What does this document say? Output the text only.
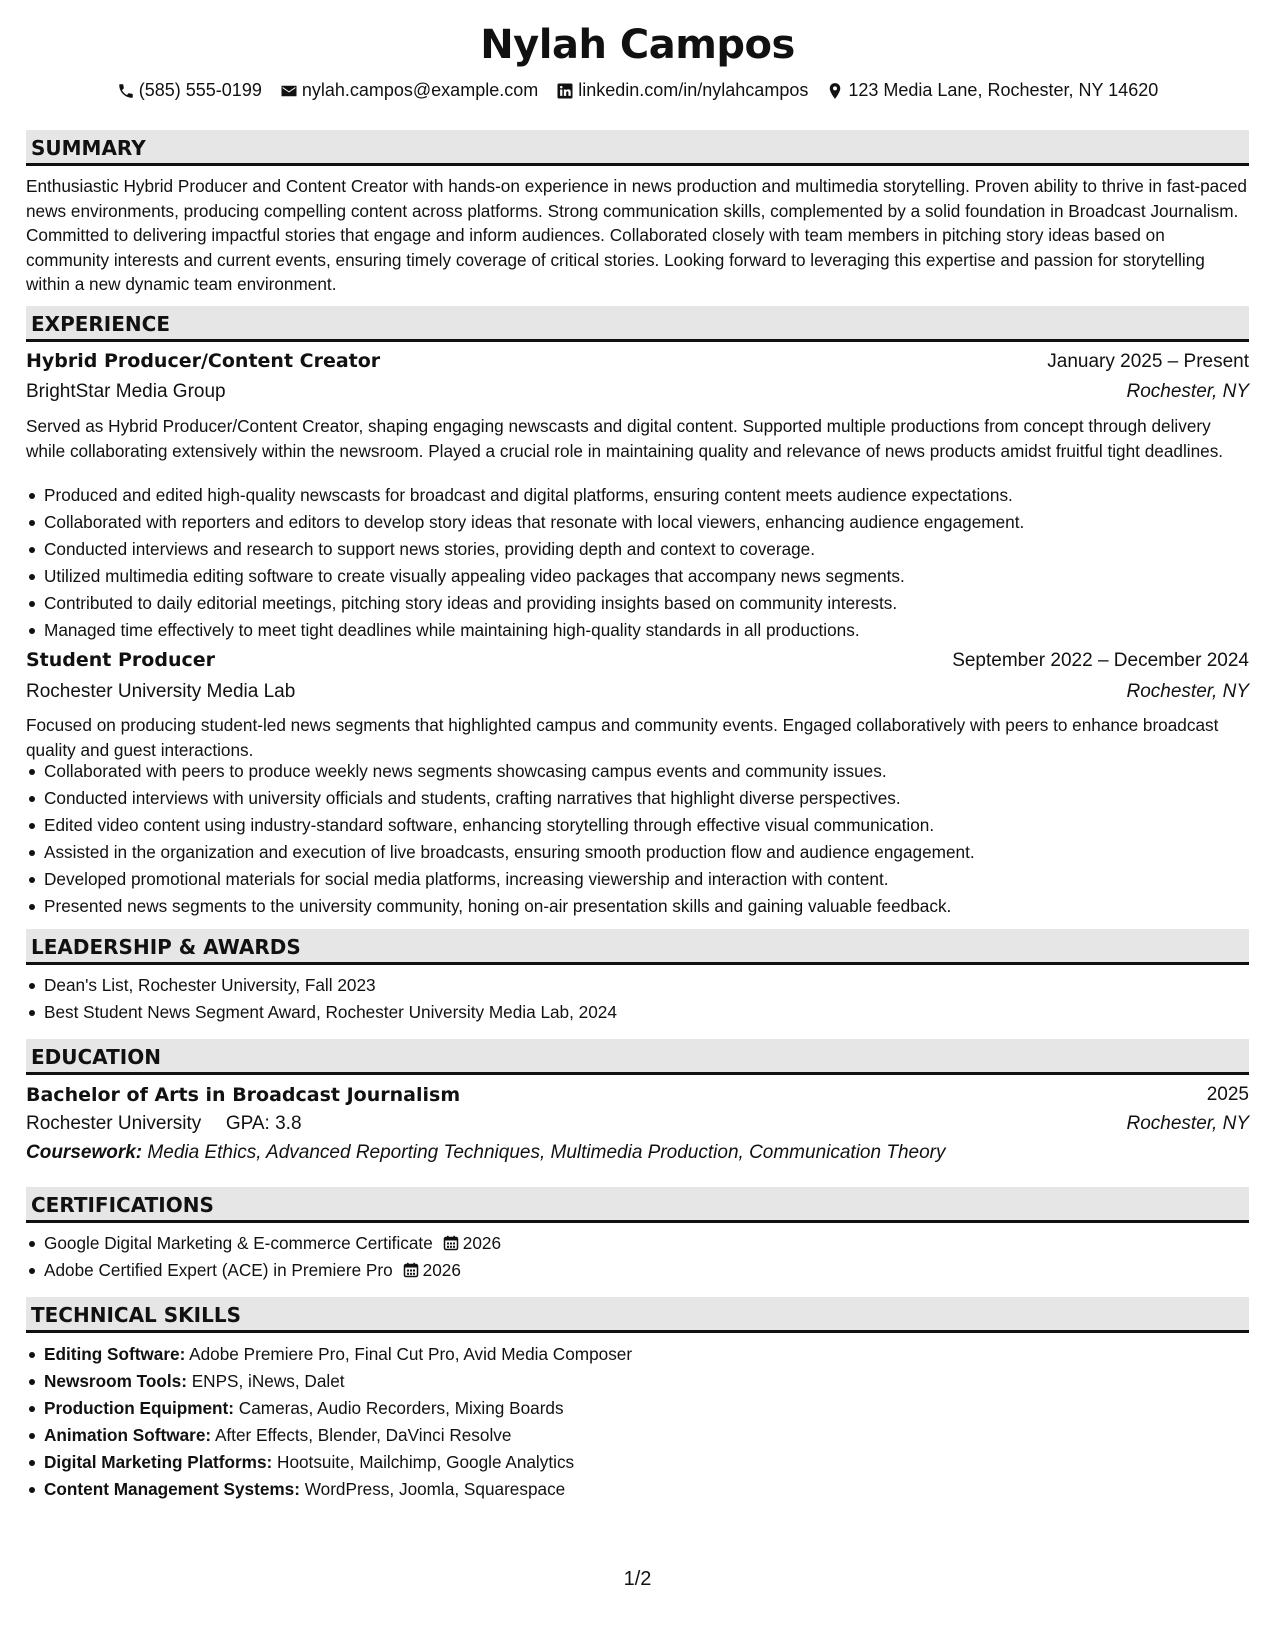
Nylah Campos
(585) 555-0199 nylah.campos@example.com linkedin.com/in/nylahcampos 123 Media Lane, Rochester, NY 14620
SUMMARY

Enthusiastic Hybrid Producer and Content Creator with hands-on experience in news production and multimedia storytelling. Proven ability to thrive in fast-paced news environments, producing compelling content across platforms. Strong communication skills, complemented by a solid foundation in Broadcast Journalism. Committed to delivering impactful stories that engage and inform audiences. Collaborated closely with team members in pitching story ideas based on community interests and current events, ensuring timely coverage of critical stories. Looking forward to leveraging this expertise and passion for storytelling within a new dynamic team environment.

EXPERIENCE
Hybrid Producer/Content Creator	January 2025 – Present
BrightStar Media Group	Rochester, NY

Served as Hybrid Producer/Content Creator, shaping engaging newscasts and digital content. Supported multiple productions from concept through delivery while collaborating extensively within the newsroom. Played a crucial role in maintaining quality and relevance of news products amidst fruitful tight deadlines.

Produced and edited high-quality newscasts for broadcast and digital platforms, ensuring content meets audience expectations.
Collaborated with reporters and editors to develop story ideas that resonate with local viewers, enhancing audience engagement.
Conducted interviews and research to support news stories, providing depth and context to coverage.
Utilized multimedia editing software to create visually appealing video packages that accompany news segments.
Contributed to daily editorial meetings, pitching story ideas and providing insights based on community interests.
Managed time effectively to meet tight deadlines while maintaining high-quality standards in all productions.
Student Producer	September 2022 – December 2024
Rochester University Media Lab	Rochester, NY

Focused on producing student-led news segments that highlighted campus and community events. Engaged collaboratively with peers to enhance broadcast quality and guest interactions.

Collaborated with peers to produce weekly news segments showcasing campus events and community issues.
Conducted interviews with university officials and students, crafting narratives that highlight diverse perspectives.
Edited video content using industry-standard software, enhancing storytelling through effective visual communication.
Assisted in the organization and execution of live broadcasts, ensuring smooth production flow and audience engagement.
Developed promotional materials for social media platforms, increasing viewership and interaction with content.
Presented news segments to the university community, honing on-air presentation skills and gaining valuable feedback.
LEADERSHIP & AWARDS
Dean's List, Rochester University, Fall 2023
Best Student News Segment Award, Rochester University Media Lab, 2024
EDUCATION
Bachelor of Arts in Broadcast Journalism	2025
Rochester University GPA: 3.8	Rochester, NY
Coursework: Media Ethics, Advanced Reporting Techniques, Multimedia Production, Communication Theory
CERTIFICATIONS
Google Digital Marketing & E-commerce Certificate 2026
Adobe Certified Expert (ACE) in Premiere Pro 2026
TECHNICAL SKILLS
Editing Software: Adobe Premiere Pro, Final Cut Pro, Avid Media Composer
Newsroom Tools: ENPS, iNews, Dalet
Production Equipment: Cameras, Audio Recorders, Mixing Boards
Animation Software: After Effects, Blender, DaVinci Resolve
Digital Marketing Platforms: Hootsuite, Mailchimp, Google Analytics
Content Management Systems: WordPress, Joomla, Squarespace
1/2
